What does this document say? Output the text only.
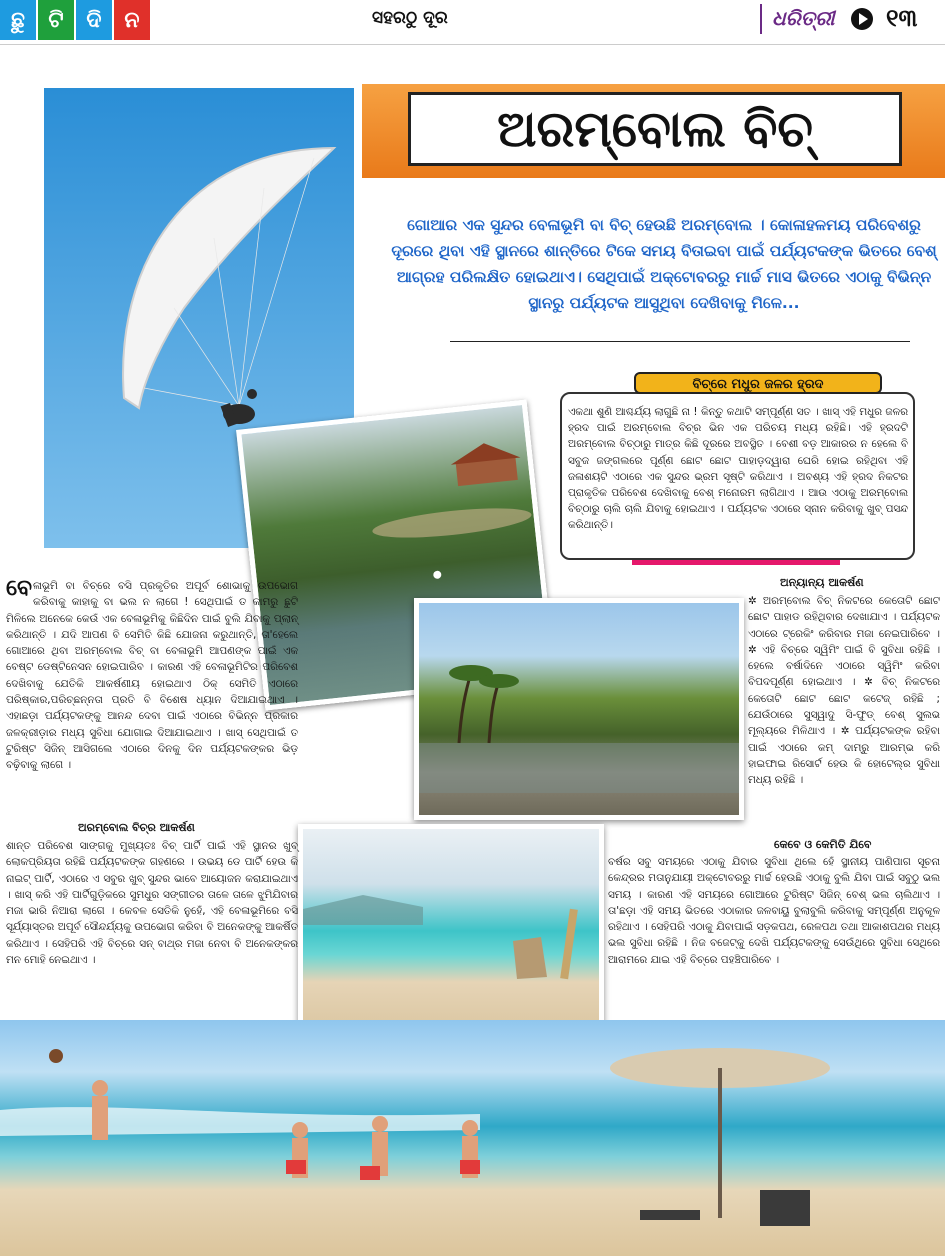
ଛୁ ଟି ଦି ନ	ସହରଠୁ ଦୂର	ଧରିତ୍ରୀ ୧୩
ଅରମ୍ବୋଲ ବିଚ୍
ଗୋଆର ଏକ ସୁନ୍ଦର ବେଳାଭୂମି ବା ବିଚ୍ ହେଉଛି ଅରମ୍ବୋଲ । କୋଳାହଳମୟ ପରିବେଶରୁ ଦୂରରେ ଥିବା ଏହି ସ୍ଥାନରେ ଶାନ୍ତିରେ ଟିକେ ସମୟ ବିତାଇବା ପାଇଁ ପର୍ଯ୍ୟଟକଙ୍କ ଭିତରେ ବେଶ୍ ଆଗ୍ରହ ପରିଲକ୍ଷିତ ହୋଇଥାଏ। ସେଥିପାଇଁ ଅକ୍ଟୋବରରୁ ମାର୍ଚ୍ଚ ମାସ ଭିତରେ ଏଠାକୁ ବିଭିନ୍ନ ସ୍ଥାନରୁ ପର୍ଯ୍ୟଟକ ଆସୁଥିବା ଦେଖିବାକୁ ମିଳେ...
ବିଚ୍‌ରେ ମଧୁର ଜଳର ହ୍ରଦ
ଏକଥା ଶୁଣି ଆଶ୍ଚର୍ଯ୍ୟ ଲାଗୁଛି ନା ! କିନ୍ତୁ କଥାଟି ସମ୍ପୂର୍ଣ୍ଣ ସତ । ଖାସ୍ ଏହି ମଧୁର ଜଳର ହ୍ରଦ ପାଇଁ ଅରମ୍ବୋଲ ବିଚ୍‌ର ଭିନ ଏକ ପରିଚୟ ମଧ୍ୟ ରହିଛି। ଏହି ହ୍ରଦଟି ଅରମ୍ବୋଲ ବିଚ୍‌ଠାରୁ ମାତ୍ର କିଛି ଦୂରରେ ଅବସ୍ଥିତ । ବେଶୀ ବଡ଼ ଆକାରର ନ ହେଲେ ବି ସବୁଜ ଜଙ୍ଗଲରେ ପୂର୍ଣ୍ଣ ଛୋଟ ଛୋଟ ପାହାଡ଼ଦ୍ୱାରା ଘେରି ହୋଇ ରହିଥିବା ଏହି ଜଳାଶୟଟି ଏଠାରେ ଏକ ସୁନ୍ଦର ଭ୍ରମ ସୃଷ୍ଟି କରିଥାଏ । ଅବଶ୍ୟ ଏହି ହ୍ରଦ ନିକଟର ପ୍ରାକୃତିକ ପରିବେଶ ଦେଖିବାକୁ ବେଶ୍ ମନୋରମ ଲାଗିଥାଏ । ଆଉ ଏଠାକୁ ଅରମ୍ବୋଲ ବିଚ୍‌ଠାରୁ ଚାଲି ଚାଲି ଯିବାକୁ ହୋଇଥାଏ । ପର୍ଯ୍ୟଟକ ଏଠାରେ ସ୍ନାନ କରିବାକୁ ଖୁବ୍ ପସନ୍ଦ କରିଥାନ୍ତି।
ବେଳାଭୂମି ବା ବିଚ୍‌ରେ ବସି ପ୍ରକୃତିର ଅପୂର୍ବ ଶୋଭାକୁ ଉପଭୋଗ କରିବାକୁ କାହାକୁ ବା ଭଲ ନ ଲାଗେ ! ସେଥିପାଇଁ ତ କାମରୁ ଛୁଟି ମିଳିଲେ ଅନେକେ କେଉଁ ଏକ ବେଳାଭୂମିକୁ କିଛିଦିନ ପାଇଁ ବୁଲି ଯିବାକୁ ପ୍ଲାନ୍ କରିଥାନ୍ତି । ଯଦି ଆପଣ ବି ସେମିତି କିଛି ଯୋଜନା କରୁଥାନ୍ତି, ତା'ହେଲେ ଗୋଆରେ ଥିବା ଅରମ୍ବୋଲ ବିଚ୍ ବା ବେଳାଭୂମି ଆପଣଙ୍କ ପାଇଁ ଏକ ବେଷ୍ଟ ଡେଷ୍ଟିନେସନ ହୋଇପାରିବ । କାରଣ ଏହି ବେଳାଭୂମିଟିର ପରିବେଶ ଦେଖିବାକୁ ଯେତିକି ଆକର୍ଷଣୀୟ ହୋଇଥାଏ ଠିକ୍ ସେମିତି ଏଠାରେ ପରିଷ୍କାର,ପରିଚ୍ଛନ୍ନତା ପ୍ରତି ବି ବିଶେଷ ଧ୍ୟାନ ଦିଆଯାଇଥାଏ । ଏହାଛଡ଼ା ପର୍ଯ୍ୟଟକଙ୍କୁ ଆନନ୍ଦ ଦେବା ପାଇଁ ଏଠାରେ ବିଭିନ୍ନ ପ୍ରକାର ଜଳକ୍ରୀଡ଼ାର ମଧ୍ୟ ସୁବିଧା ଯୋଗାଇ ଦିଆଯାଇଥାଏ । ଖାସ୍ ସେଥିପାଇଁ ତ ଟୁରିଷ୍ଟ ସିଜିନ୍ ଆସିଗଲେ ଏଠାରେ ଦିନକୁ ଦିନ ପର୍ଯ୍ୟଟକଙ୍କର ଭିଡ଼ ବଢ଼ିବାକୁ ଲାଗେ ।
ଅରମ୍ବୋଲ ବିଚ୍‌ର ଆକର୍ଷଣ
ଶାନ୍ତ ପରିବେଶ ସାଙ୍ଗକୁ ମୁଖ୍ୟତଃ ବିଚ୍ ପାର୍ଟି ପାଇଁ ଏହି ସ୍ଥାନର ଖୁବ୍ ଲୋକପ୍ରିୟତା ରହିଛି ପର୍ଯ୍ୟଟକଙ୍କ ଗହଣରେ । ଉଭୟ ଡେ ପାର୍ଟି ହେଉ କି ନାଇଟ୍ ପାର୍ଟି, ଏଠାରେ ଏ ସବୁର ଖୁବ୍ ସୁନ୍ଦର ଭାବେ ଆୟୋଜନ କରାଯାଇଥାଏ । ଖାସ୍ କରି ଏହି ପାର୍ଟିଗୁଡ଼ିକରେ ସୁମଧୁର ସଙ୍ଗୀତର ତାଳେ ତାଳେ ଝୁମିଯିବାର ମଜା ଭାରି ନିଆରା ଲାଗେ । କେବଳ ସେତିକି ନୁହେଁ, ଏହି ବେଳାଭୂମିରେ ବସି ସୂର୍ଯ୍ୟାସ୍ତର ଅପୂର୍ବ ସୌନ୍ଦର୍ଯ୍ୟକୁ ଉପଭୋଗ କରିବା ବି ଅନେକଙ୍କୁ ଆକର୍ଷିତ କରିଥାଏ । ସେହିପରି ଏହି ବିଚ୍‌ରେ ସନ୍ ବାଥ୍‌ର ମଜା ନେବା ବି ଅନେକଙ୍କର ମନ ମୋହି ନେଇଥାଏ ।
ଅନ୍ୟାନ୍ୟ ଆକର୍ଷଣ
✲ ଅରମ୍ବୋଲ ବିଚ୍ ନିକଟରେ କେତୋଟି ଛୋଟ ଛୋଟ ପାହାଡ ରହିଥିବାର ଦେଖାଯାଏ । ପର୍ଯ୍ୟଟକ ଏଠାରେ ଟ୍ରେକିଂ କରିବାର ମଜା ନେଇପାରିବେ । ✲ ଏହି ବିଚ୍‌ରେ ସ୍ୱିମିଂ ପାଇଁ ବି ସୁବିଧା ରହିଛି । ହେଲେ ବର୍ଷାଦିନେ ଏଠାରେ ସ୍ୱିମିଂ କରିବା ବିପଦପୂର୍ଣ୍ଣ ହୋଇଥାଏ । ✲ ବିଚ୍ ନିକଟରେ କେତୋଟି ଛୋଟ ଛୋଟ କଟେଜ୍ ରହିଛି ; ଯେଉଁଠାରେ ସୁସ୍ୱାଦୁ ସି-ଫୁଡ୍ ବେଶ୍ ସୁଲଭ ମୂଲ୍ୟରେ ମିଳିଥାଏ । ✲ ପର୍ଯ୍ୟଟକଙ୍କ ରହିବା ପାଇଁ ଏଠାରେ କମ୍ ଦାମ୍‌ରୁ ଆରମ୍ଭ କରି ହାଇଫାଇ ରିସୋର୍ଟ ହେଉ କି ହୋଟେଲ୍‌ର ସୁବିଧା ମଧ୍ୟ ରହିଛି ।
କେବେ ଓ କେମିତି ଯିବେ
ବର୍ଷର ସବୁ ସମୟରେ ଏଠାକୁ ଯିବାର ସୁବିଧା ଥିଲେ ହେଁ ସ୍ଥାନୀୟ ପାଣିପାଗ ସୂଚନା କେନ୍ଦ୍ରର ମତାନୁଯାୟୀ ଅକ୍ଟୋବରରୁ ମାର୍ଚ୍ଚ ହେଉଛି ଏଠାକୁ ବୁଲି ଯିବା ପାଇଁ ସବୁଠୁ ଭଲ ସମୟ । କାରଣ ଏହି ସମୟରେ ଗୋଆରେ ଟୁରିଷ୍ଟ ସିଜିନ୍ ବେଶ୍ ଭଲ ଚାଲିଥାଏ । ତା'ଛଡ଼ା ଏହି ସମୟ ଭିତରେ ଏଠାକାର ଜଳବାୟୁ ବୁଲାବୁଲି କରିବାକୁ ସମ୍ପୂର୍ଣ୍ଣ ଅନୁକୂଳ ରହିଥାଏ । ସେହିପରି ଏଠାକୁ ଯିବାପାଇଁ ସଡ଼କପଥ, ରେଳପଥ ତଥା ଆକାଶପଥର ମଧ୍ୟ ଭଲ ସୁବିଧା ରହିଛି । ନିଜ ବଜେଟ୍‌କୁ ଦେଖି ପର୍ଯ୍ୟଟକଙ୍କୁ ସେଉଁଥିରେ ସୁବିଧା ସେଥିରେ ଆରାମରେ ଯାଇ ଏହି ବିଚ୍‌ରେ ପହଞ୍ଚିପାରିବେ ।
